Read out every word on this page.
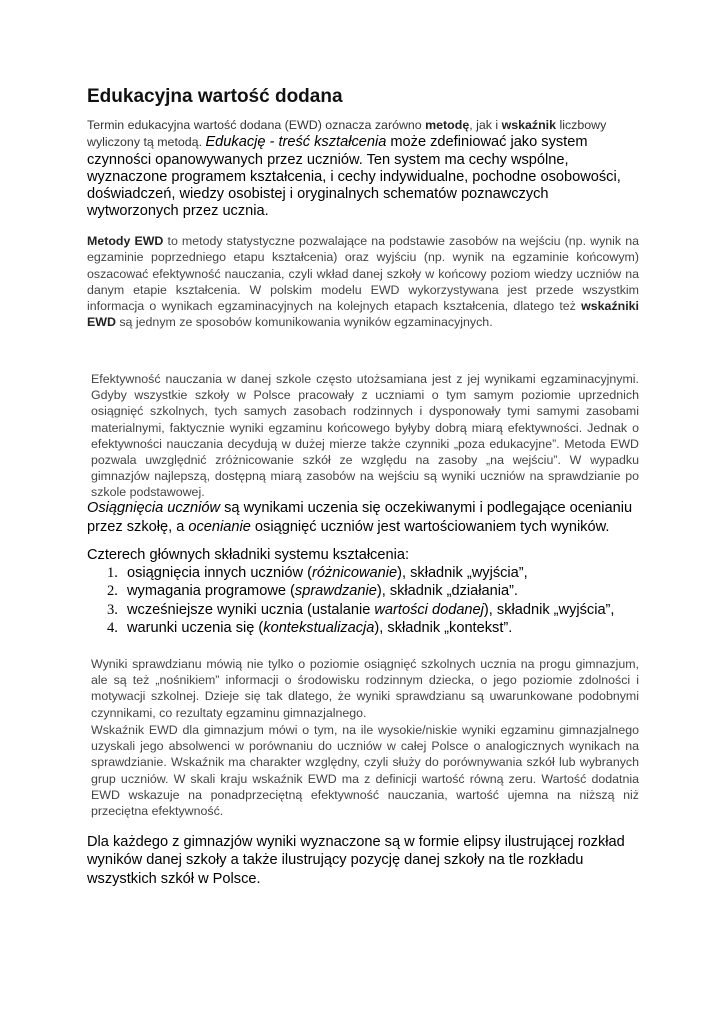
Edukacyjna wartość dodana
Termin edukacyjna wartość dodana (EWD) oznacza zarówno metodę, jak i wskaźnik liczbowy wyliczony tą metodą. Edukację - treść kształcenia może zdefiniować jako system czynności opanowywanych przez uczniów. Ten system ma cechy wspólne, wyznaczone programem kształcenia, i cechy indywidualne, pochodne osobowości, doświadczeń, wiedzy osobistej i oryginalnych schematów poznawczych wytworzonych przez ucznia.
Metody EWD to metody statystyczne pozwalające na podstawie zasobów na wejściu (np. wynik na egzaminie poprzedniego etapu kształcenia) oraz wyjściu (np. wynik na egzaminie końcowym) oszacować efektywność nauczania, czyli wkład danej szkoły w końcowy poziom wiedzy uczniów na danym etapie kształcenia. W polskim modelu EWD wykorzystywana jest przede wszystkim informacja o wynikach egzaminacyjnych na kolejnych etapach kształcenia, dlatego też wskaźniki EWD są jednym ze sposobów komunikowania wyników egzaminacyjnych.
Efektywność nauczania w danej szkole często utożsamiana jest z jej wynikami egzaminacyjnymi. Gdyby wszystkie szkoły w Polsce pracowały z uczniami o tym samym poziomie uprzednich osiągnięć szkolnych, tych samych zasobach rodzinnych i dysponowały tymi samymi zasobami materialnymi, faktycznie wyniki egzaminu końcowego byłyby dobrą miarą efektywności. Jednak o efektywności nauczania decydują w dużej mierze także czynniki „poza edukacyjne”. Metoda EWD pozwala uwzględnić zróżnicowanie szkół ze względu na zasoby „na wejściu”. W wypadku gimnazjów najlepszą, dostępną miarą zasobów na wejściu są wyniki uczniów na sprawdzianie po szkole podstawowej.
Osiągnięcia uczniów są wynikami uczenia się oczekiwanymi i podlegające ocenianiu przez szkołę, a ocenianie osiągnięć uczniów jest wartościowaniem tych wyników.
Czterech głównych składniki systemu kształcenia:
1. osiągnięcia innych uczniów (różnicowanie), składnik „wyjścia”,
2. wymagania programowe (sprawdzanie), składnik „działania”.
3. wcześniejsze wyniki ucznia (ustalanie wartości dodanej), składnik „wyjścia”,
4. warunki uczenia się (kontekstualizacja), składnik „kontekst”.
Wyniki sprawdzianu mówią nie tylko o poziomie osiągnięć szkolnych ucznia na progu gimnazjum, ale są też „nośnikiem” informacji o środowisku rodzinnym dziecka, o jego poziomie zdolności i motywacji szkolnej. Dzieje się tak dlatego, że wyniki sprawdzianu są uwarunkowane podobnymi czynnikami, co rezultaty egzaminu gimnazjalnego.
Wskaźnik EWD dla gimnazjum mówi o tym, na ile wysokie/niskie wyniki egzaminu gimnazjalnego uzyskali jego absolwenci w porównaniu do uczniów w całej Polsce o analogicznych wynikach na sprawdzianie. Wskaźnik ma charakter względny, czyli służy do porównywania szkół lub wybranych grup uczniów. W skali kraju wskaźnik EWD ma z definicji wartość równą zeru. Wartość dodatnia EWD wskazuje na ponadprzeciętną efektywność nauczania, wartość ujemna na niższą niż przeciętna efektywność.
Dla każdego z gimnazjów wyniki wyznaczone są w formie elipsy ilustrującej rozkład wyników danej szkoły a także ilustrujący pozycję danej szkoły na tle rozkładu wszystkich szkół w Polsce.
